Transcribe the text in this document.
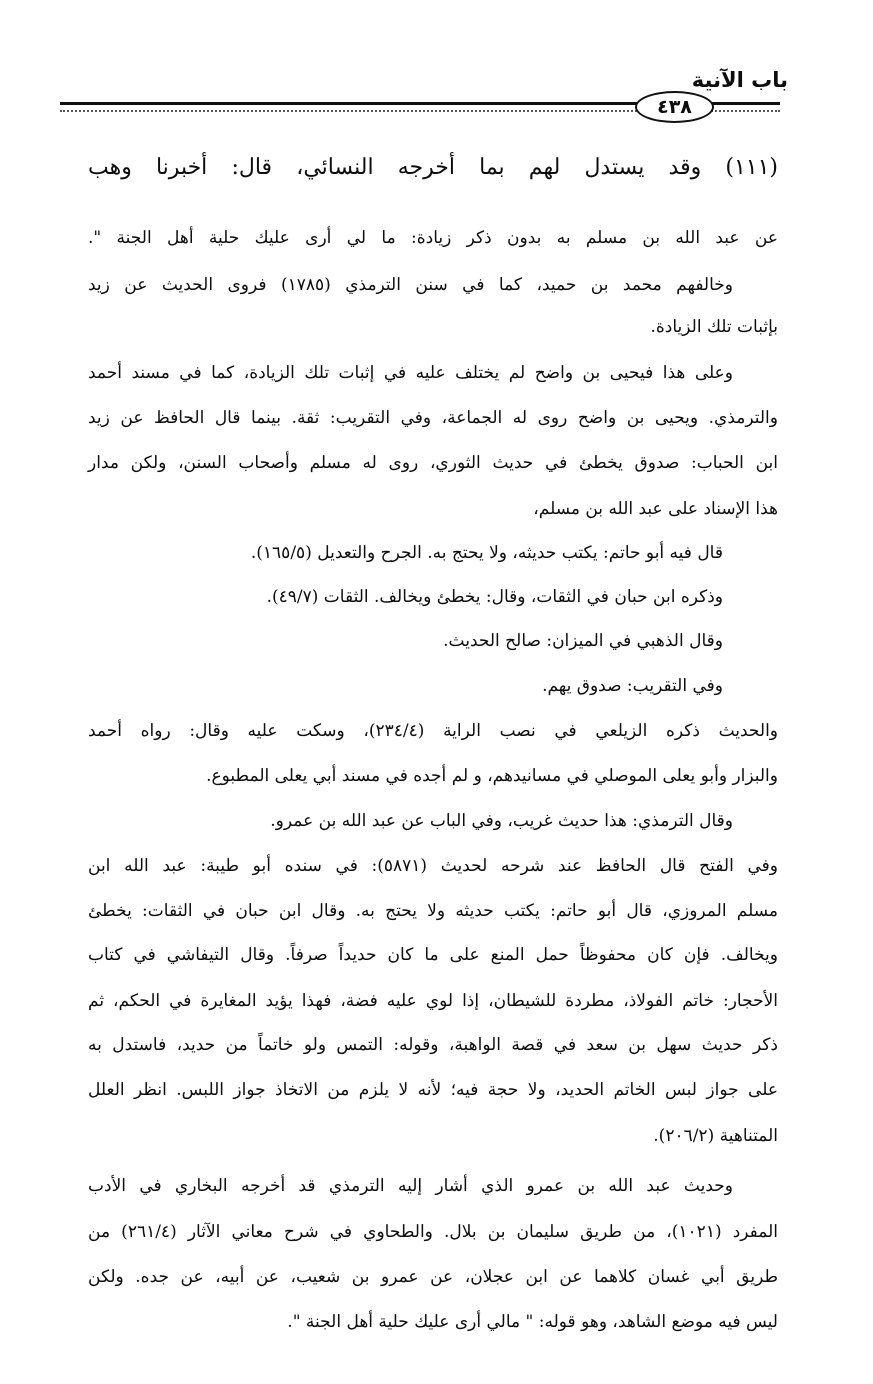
باب الآنية
٤٣٨
(١١١) وقد يستدل لهم بما أخرجه النسائي، قال: أخبرنا وهب
عن عبد الله بن مسلم به بدون ذكر زيادة: ما لي أرى عليك حلية أهل الجنة ".
وخالفهم محمد بن حميد، كما في سنن الترمذي (١٧٨٥) فروى الحديث عن زيد
بإثبات تلك الزيادة.
وعلى هذا فيحيى بن واضح لم يختلف عليه في إثبات تلك الزيادة، كما في مسند أحمد
والترمذي. ويحيى بن واضح روى له الجماعة، وفي التقريب: ثقة. بينما قال الحافظ عن زيد
ابن الحباب: صدوق يخطئ في حديث الثوري، روى له مسلم وأصحاب السنن، ولكن مدار
هذا الإسناد على عبد الله بن مسلم،
قال فيه أبو حاتم: يكتب حديثه، ولا يحتج به. الجرح والتعديل (١٦٥/٥).
وذكره ابن حبان في الثقات، وقال: يخطئ ويخالف. الثقات (٤٩/٧).
وقال الذهبي في الميزان: صالح الحديث.
وفي التقريب: صدوق يهم.
والحديث ذكره الزيلعي في نصب الراية (٢٣٤/٤)، وسكت عليه وقال: رواه أحمد
والبزار وأبو يعلى الموصلي في مسانيدهم، و لم أجده في مسند أبي يعلى المطبوع.
وقال الترمذي: هذا حديث غريب، وفي الباب عن عبد الله بن عمرو.
وفي الفتح قال الحافظ عند شرحه لحديث (٥٨٧١): في سنده أبو طيبة: عبد الله ابن
مسلم المروزي، قال أبو حاتم: يكتب حديثه ولا يحتج به. وقال ابن حبان في الثقات: يخطئ
ويخالف. فإن كان محفوظاً حمل المنع على ما كان حديداً صرفاً. وقال التيفاشي في كتاب
الأحجار: خاتم الفولاذ، مطردة للشيطان، إذا لوي عليه فضة، فهذا يؤيد المغايرة في الحكم، ثم
ذكر حديث سهل بن سعد في قصة الواهبة، وقوله: التمس ولو خاتماً من حديد، فاستدل به
على جواز لبس الخاتم الحديد، ولا حجة فيه؛ لأنه لا يلزم من الاتخاذ جواز اللبس. انظر العلل
المتناهية (٢٠٦/٢).
وحديث عبد الله بن عمرو الذي أشار إليه الترمذي قد أخرجه البخاري في الأدب
المفرد (١٠٢١)، من طريق سليمان بن بلال. والطحاوي في شرح معاني الآثار (٢٦١/٤) من
طريق أبي غسان كلاهما عن ابن عجلان، عن عمرو بن شعيب، عن أبيه، عن جده. ولكن
ليس فيه موضع الشاهد، وهو قوله: " مالي أرى عليك حلية أهل الجنة ".
